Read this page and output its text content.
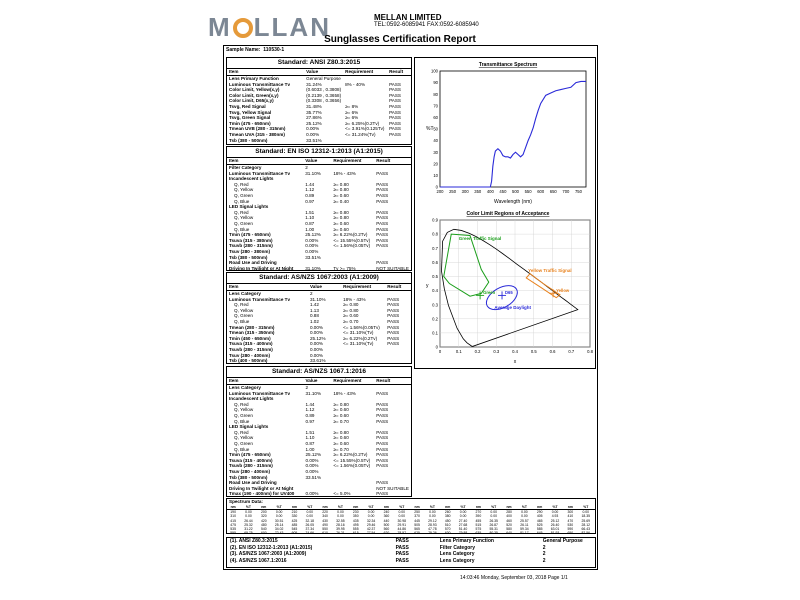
M LLAN	MELLAN LIMITED
TEL:0592-6085941 FAX:0592-6085940
Sunglasses Certification Report
Sample Name: 110530-1
Standard: ANSI Z80.3:2015
Item	Value	Requirement	Result
Lens Primary Function	General Purpose		
Luminous Transmittance Tv	31.24%	8% - 40%	PASS
Color Limit, Yellow(x,y)	(0.6033 , 0.3808)		PASS
Color Limit, Green(x,y)	(0.2139 , 0.3658)		PASS
Color Limit, D65(x,y)	(0.3308 , 0.3656)		PASS
Tsvg, Red Signal	31.48%	≥= 8%	PASS
Tsvg, Yellow Signal	35.77%	≥= 6%	PASS
Tsvg, Green Signal	27.86%	≥= 6%	PASS
Tmin (475 - 650nm)	25.12%	≥= 6.25%(0.2Tv)	PASS
Tmean UVB (280 - 315nm)	0.00%	<= 3.91%(0.125Tv)	PASS
Tmean UVA (315 - 380nm)	0.00%	<= 31.24%(Tv)	PASS
Tsb (380 - 500nm)	33.51%		
Standard: EN ISO 12312-1:2013 (A1:2015)
Item	Value	Requirement	Result
Filter Category	2		
Luminous Transmittance Tv	31.10%	18% - 43%	PASS
Incandescent Lights			
Q, Red	1.44	≥= 0.80	PASS
Q, Yellow	1.12	≥= 0.80	PASS
Q, Green	0.89	≥= 0.60	PASS
Q, Blue	0.97	≥= 0.40	PASS
LED Signal Lights			
Q, Red	1.51	≥= 0.80	PASS
Q, Yellow	1.10	≥= 0.80	PASS
Q, Green	0.87	≥= 0.60	PASS
Q, Blue	1.00	≥= 0.60	PASS
Tmin (475 - 650nm)	25.12%	≥= 6.22%(0.2Tv)	PASS
Tsuva (315 - 380nm)	0.00%	<= 15.55%(0.5Tv)	PASS
Tsuvb (280 - 315nm)	0.00%	<= 1.56%(0.05Tv)	PASS
Tsuv (280 - 380nm)	0.00%		
Tsb (380 - 500nm)	33.51%		
Road Use and Driving			PASS
Driving In Twilight or At Night	31.10%	Tv >= 75%	NOT SUITABLE
Standard: AS/NZS 1067:2003 (A1:2009)
Item	Value	Requirement	Result
Lens Category	2		
Luminous Transmittance Tv	31.10%	18% - 43%	PASS
Q, Red	1.42	≥= 0.80	PASS
Q, Yellow	1.13	≥= 0.80	PASS
Q, Green	0.88	≥= 0.60	PASS
Q, Blue	1.02	≥= 0.70	PASS
Tmean (280 - 315nm)	0.00%	<= 1.56%(0.05Tv)	PASS
Tmean (315 - 350nm)	0.00%	<= 31.10%(Tv)	PASS
Tmin (450 - 650nm)	25.12%	≥= 6.22%(0.2Tv)	PASS
Tsuva (315 - 400nm)	0.00%	<= 31.10%(Tv)	PASS
Tsuvb (280 - 315nm)	0.00%		
Tsuv (280 - 400nm)	0.00%		
Tsb (400 - 500nm)	33.61%		
Standard: AS/NZS 1067.1:2016
Item	Value	Requirement	Result
Lens Category	2		
Luminous Transmittance Tv	31.10%	18% - 43%	PASS
Incandescent Lights			
Q, Red	1.44	≥= 0.80	PASS
Q, Yellow	1.12	≥= 0.60	PASS
Q, Green	0.89	≥= 0.60	PASS
Q, Blue	0.97	≥= 0.70	PASS
LED Signal Lights			
Q, Red	1.51	≥= 0.80	PASS
Q, Yellow	1.10	≥= 0.60	PASS
Q, Green	0.87	≥= 0.60	PASS
Q, Blue	1.00	≥= 0.70	PASS
Tmin (475 - 650nm)	25.12%	≥= 6.22%(0.2Tv)	PASS
Tsuva (315 - 400nm)	0.00%	<= 15.55%(0.5Tv)	PASS
Tsuvb (280 - 315nm)	0.00%	<= 1.56%(0.05Tv)	PASS
Tsuv (280 - 400nm)	0.00%		
Tsb (380 - 500nm)	33.51%		
Road Use and Driving			PASS
Driving In Twilight or At Night			NOT SUITABLE
Tmax (190 - 400nm) for UV400	0.00%	<= 5.0%	PASS
Transmittance Spectrum
0
10
20
30
40
50
60
70
80
90
100
200 250 300 350 400 450 500 550 600 650 700 750
%T
Wavelength (nm)
Color Limit Regions of Acceptance
0
0.1
0.2
0.3
0.4
0.5
0.6
0.7
0.8
0.9
0	0.1	0.2	0.3	0.4	0.5	0.6	0.7	0.8
Green D65	Yellow
Green Traffic Signal
Yellow Traffic Signal
Average Daylight
y
x
Spectrum Data:
nm	%T	nm	%T	nm	%T	nm	%T	nm	%T	nm	%T	nm	%T	nm	%T	nm	%T	nm	%T	nm	%T	nm	%T
190	0.00	200	0.00	210	0.00	220	0.00	230	0.00	240	0.00	250	0.00	260	0.00	270	0.00	280	0.00	290	0.00	300	0.00
310	0.00	320	0.00	330	0.00	340	0.00	350	0.00	360	0.00	370	0.00	380	0.00	390	0.00	400	0.00	405	4.93	410	18.35
415	26.44	420	30.51	425	32.18	430	32.55	435	32.34	440	30.98	445	29.12	450	27.40	455	26.35	460	25.57	465	25.12	470	25.69
475	25.32	480	25.14	485	26.05	490	28.16	495	29.46	500	29.91	505	28.93	510	27.68	515	26.87	520	26.11	525	26.40	530	28.12
535	31.22	540	34.02	545	37.34	550	39.95	555	42.37	560	44.86	565	47.78	570	51.40	575	55.31	580	59.34	585	63.01	590	66.43
595	69.75	600	72.43	605	74.66	610	76.21	615	77.54	620	78.57	625	79.26	630	79.88	635	80.35	640	81.17	645	81.93	650	82.56
(1). ANSI Z80.3:2015	PASS	Lens Primary Function	General Purpose
(2). EN ISO 12312-1:2013 (A1:2015)	PASS	Filter Category	2
(3). AS/NZS 1067:2003 (A1:2009)	PASS	Lens Category	2
(4). AS/NZS 1067.1:2016	PASS	Lens Category	2
14:03:46 Monday, September 03, 2018 Page 1/1
